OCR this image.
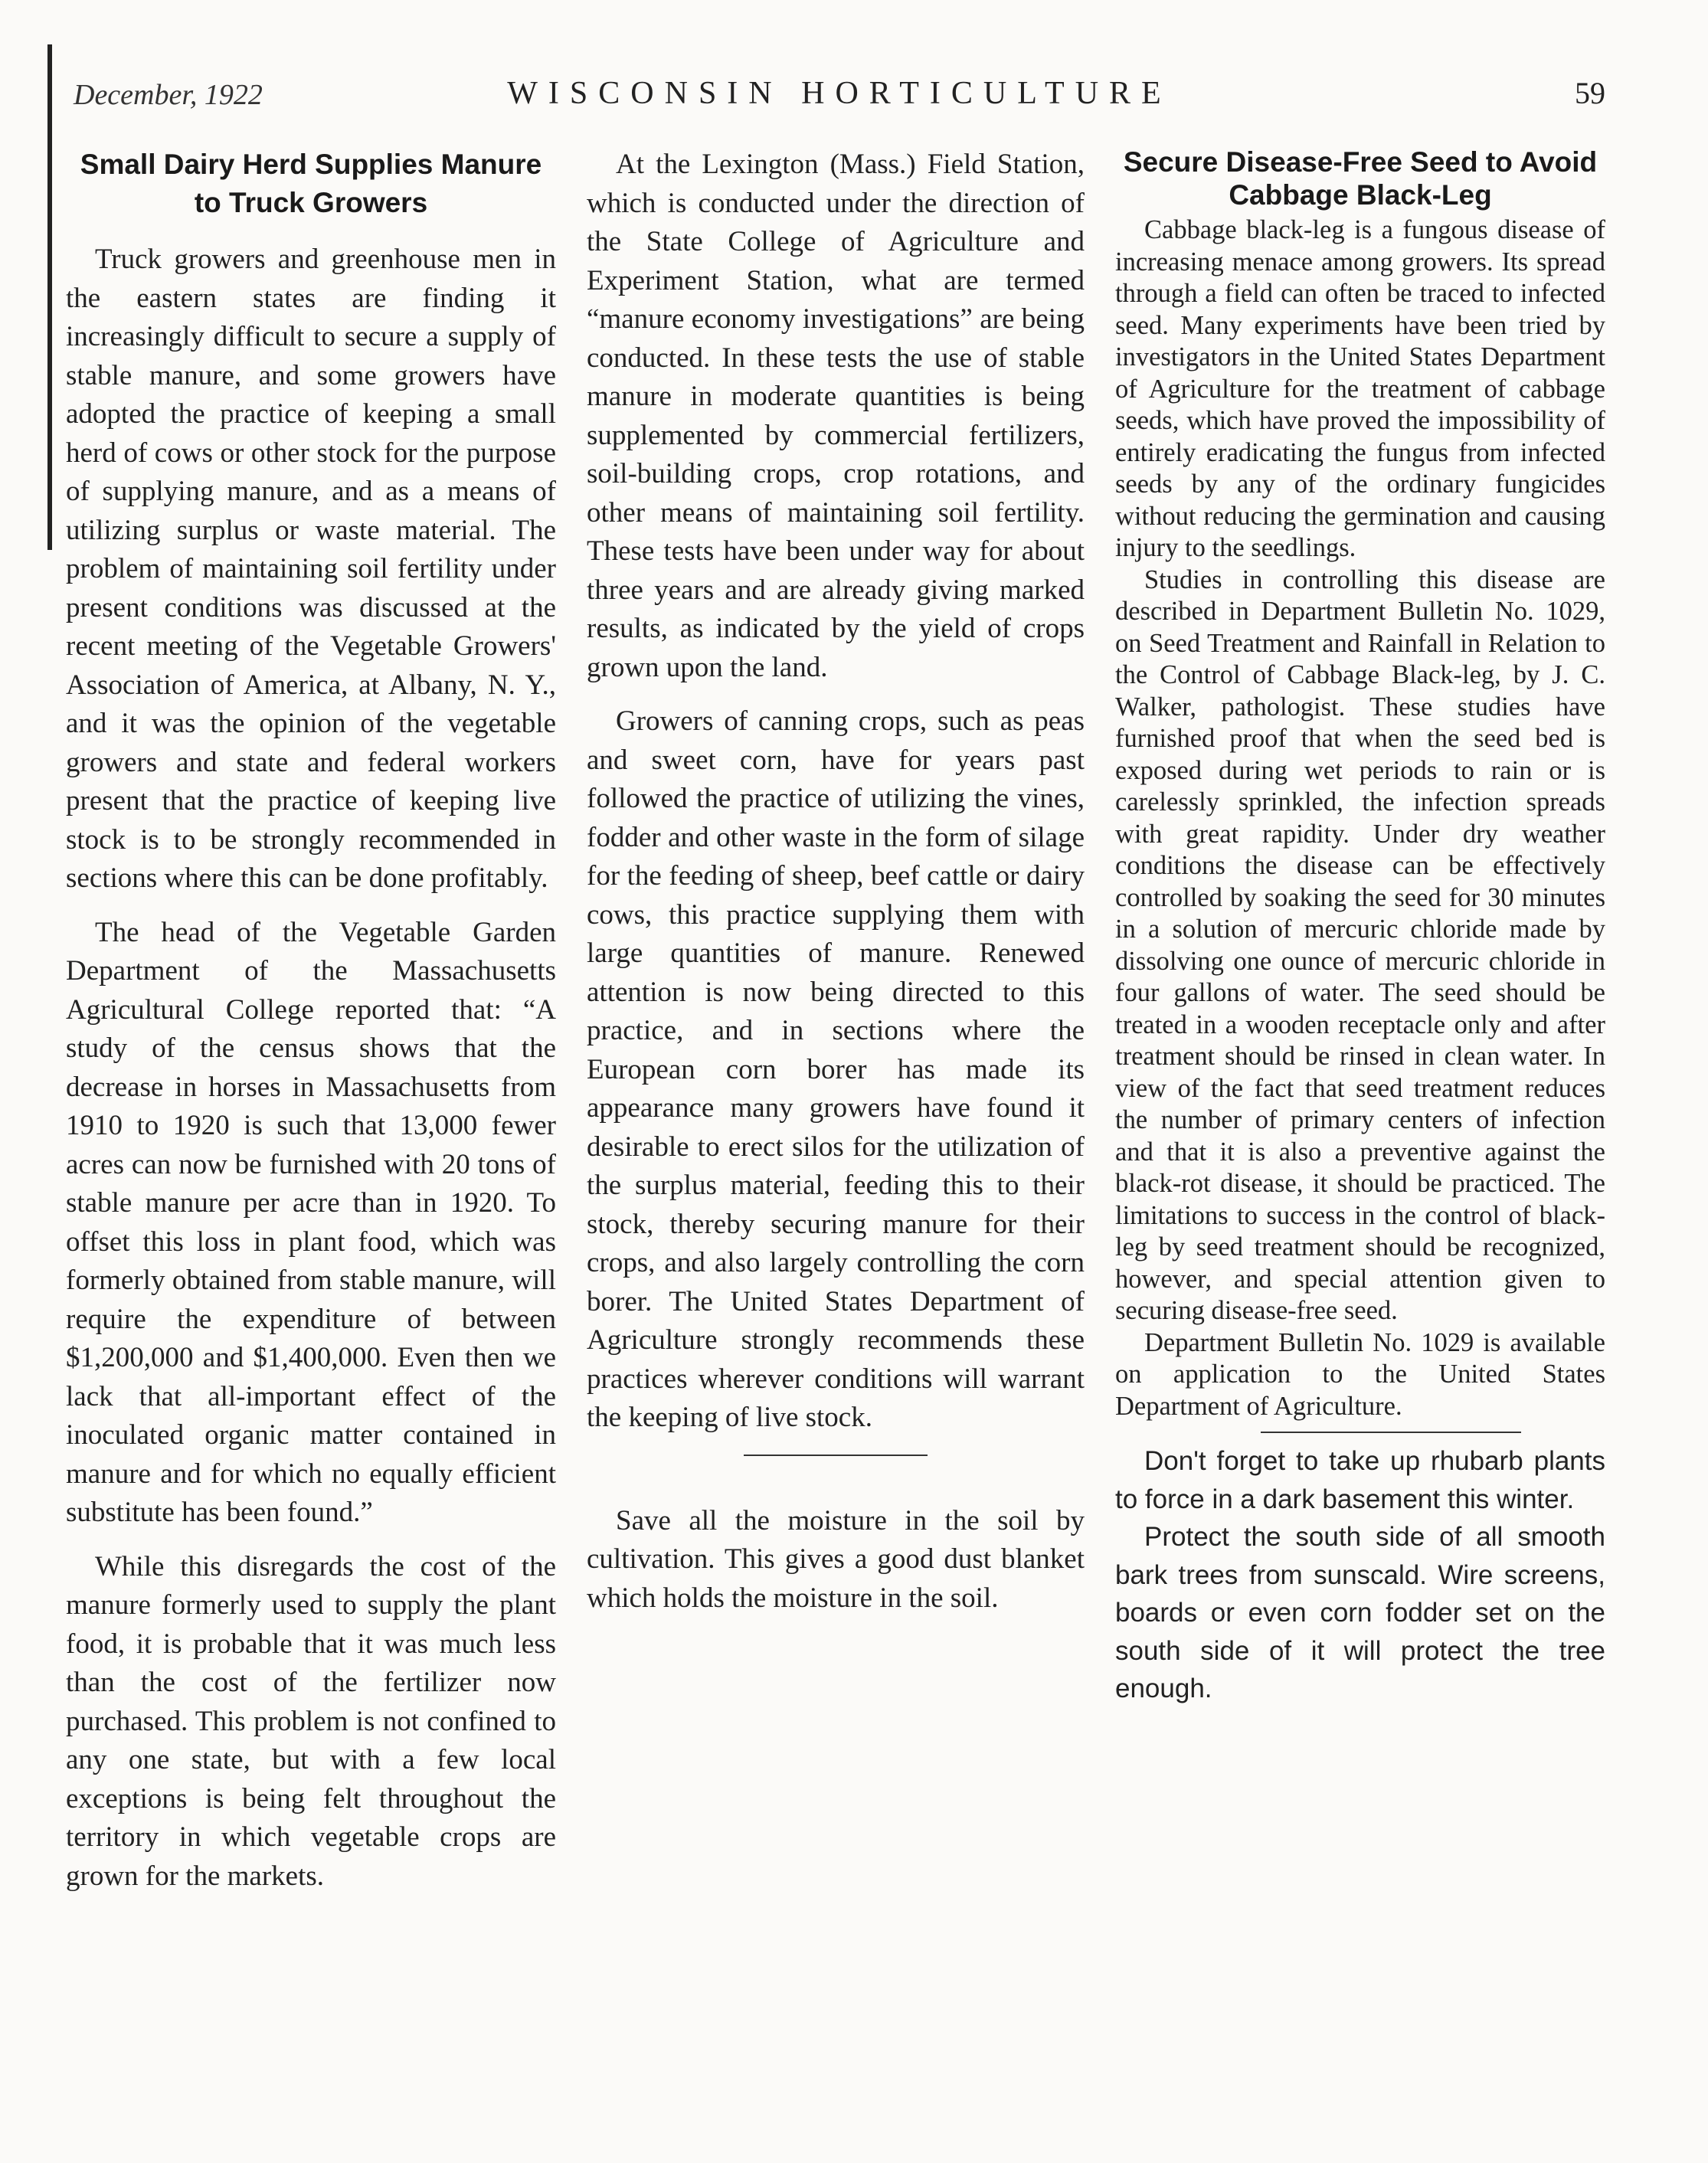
December, 1922	WISCONSIN HORTICULTURE	59
Small Dairy Herd Supplies Manure to Truck Growers

Truck growers and greenhouse men in the eastern states are finding it increasingly difficult to secure a supply of stable manure, and some growers have adopted the practice of keeping a small herd of cows or other stock for the purpose of supplying manure, and as a means of utilizing surplus or waste material. The problem of maintaining soil fertility under present conditions was discussed at the recent meeting of the Vegetable Growers' Association of America, at Albany, N. Y., and it was the opinion of the vegetable growers and state and federal workers present that the practice of keeping live stock is to be strongly recommended in sections where this can be done profitably.

The head of the Vegetable Garden Department of the Massachusetts Agricultural College reported that: “A study of the census shows that the decrease in horses in Massachusetts from 1910 to 1920 is such that 13,000 fewer acres can now be furnished with 20 tons of stable manure per acre than in 1920. To offset this loss in plant food, which was formerly obtained from stable manure, will require the expenditure of between $1,200,000 and $1,400,000. Even then we lack that all-important effect of the inoculated organic matter contained in manure and for which no equally efficient substitute has been found.”

While this disregards the cost of the manure formerly used to supply the plant food, it is probable that it was much less than the cost of the fertilizer now purchased. This problem is not confined to any one state, but with a few local exceptions is being felt throughout the territory in which vegetable crops are grown for the markets.

At the Lexington (Mass.) Field Station, which is conducted under the direction of the State College of Agriculture and Experiment Station, what are termed “manure economy investigations” are being conducted. In these tests the use of stable manure in moderate quantities is being supplemented by commercial fertilizers, soil-building crops, crop rotations, and other means of maintaining soil fertility. These tests have been under way for about three years and are already giving marked results, as indicated by the yield of crops grown upon the land.

Growers of canning crops, such as peas and sweet corn, have for years past followed the practice of utilizing the vines, fodder and other waste in the form of silage for the feeding of sheep, beef cattle or dairy cows, this practice supplying them with large quantities of manure. Renewed attention is now being directed to this practice, and in sections where the European corn borer has made its appearance many growers have found it desirable to erect silos for the utilization of the surplus material, feeding this to their stock, thereby securing manure for their crops, and also largely controlling the corn borer. The United States Department of Agriculture strongly recommends these practices wherever conditions will warrant the keeping of live stock.

Save all the moisture in the soil by cultivation. This gives a good dust blanket which holds the moisture in the soil.

Secure Disease-Free Seed to Avoid Cabbage Black-Leg

Cabbage black-leg is a fungous disease of increasing menace among growers. Its spread through a field can often be traced to infected seed. Many experiments have been tried by investigators in the United States Department of Agriculture for the treatment of cabbage seeds, which have proved the impossibility of entirely eradicating the fungus from infected seeds by any of the ordinary fungicides without reducing the germination and causing injury to the seedlings.

Studies in controlling this disease are described in Department Bulletin No. 1029, on Seed Treatment and Rainfall in Relation to the Control of Cabbage Black-leg, by J. C. Walker, pathologist. These studies have furnished proof that when the seed bed is exposed during wet periods to rain or is carelessly sprinkled, the infection spreads with great rapidity. Under dry weather conditions the disease can be effectively controlled by soaking the seed for 30 minutes in a solution of mercuric chloride made by dissolving one ounce of mercuric chloride in four gallons of water. The seed should be treated in a wooden receptacle only and after treatment should be rinsed in clean water. In view of the fact that seed treatment reduces the number of primary centers of infection and that it is also a preventive against the black-rot disease, it should be practiced. The limitations to success in the control of black-leg by seed treatment should be recognized, however, and special attention given to securing disease-free seed.

Department Bulletin No. 1029 is available on application to the United States Department of Agriculture.

Don't forget to take up rhubarb plants to force in a dark basement this winter.

Protect the south side of all smooth bark trees from sunscald. Wire screens, boards or even corn fodder set on the south side of it will protect the tree enough.
